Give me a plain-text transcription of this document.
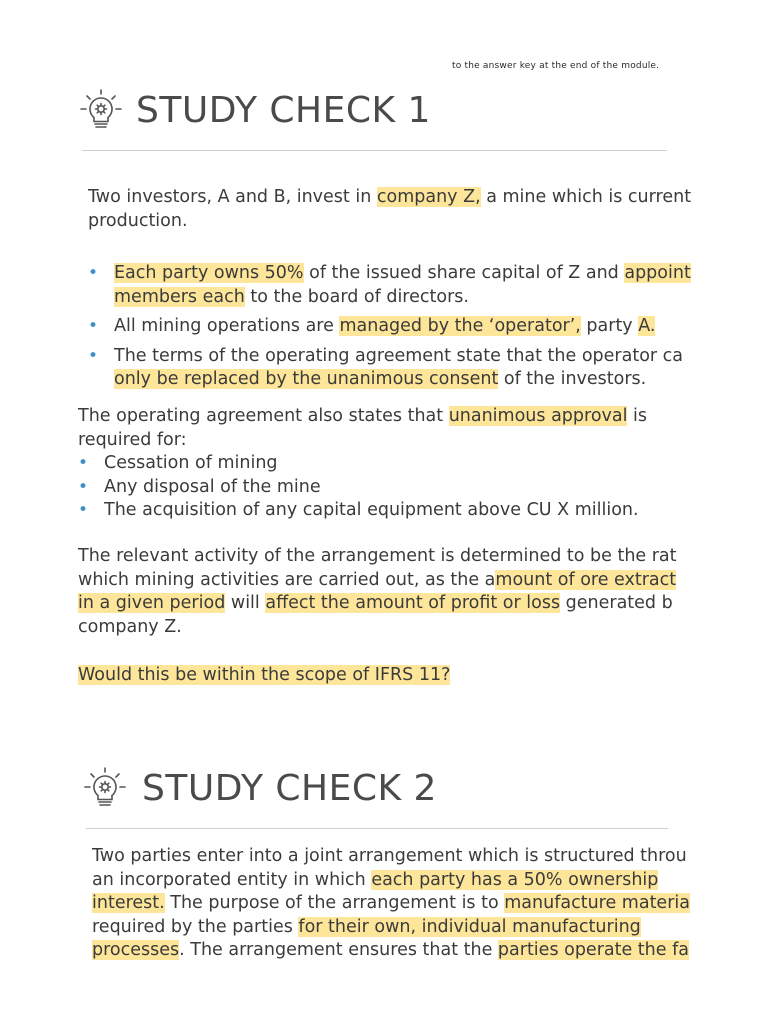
to the answer key at the end of the module.
STUDY CHECK 1
Two investors, A and B, invest in company Z, a mine which is current
production.
• Each party owns 50% of the issued share capital of Z and appoint
members each to the board of directors.
• All mining operations are managed by the ‘operator’, party A.
• The terms of the operating agreement state that the operator ca
only be replaced by the unanimous consent of the investors.
The operating agreement also states that unanimous approval is
required for:
• Cessation of mining
• Any disposal of the mine
• The acquisition of any capital equipment above CU X million.
The relevant activity of the arrangement is determined to be the rat
which mining activities are carried out, as the amount of ore extract
in a given period will affect the amount of profit or loss generated b
company Z.
Would this be within the scope of IFRS 11?
STUDY CHECK 2
Two parties enter into a joint arrangement which is structured throu
an incorporated entity in which each party has a 50% ownership
interest. The purpose of the arrangement is to manufacture materia
required by the parties for their own, individual manufacturing
processes. The arrangement ensures that the parties operate the fa
